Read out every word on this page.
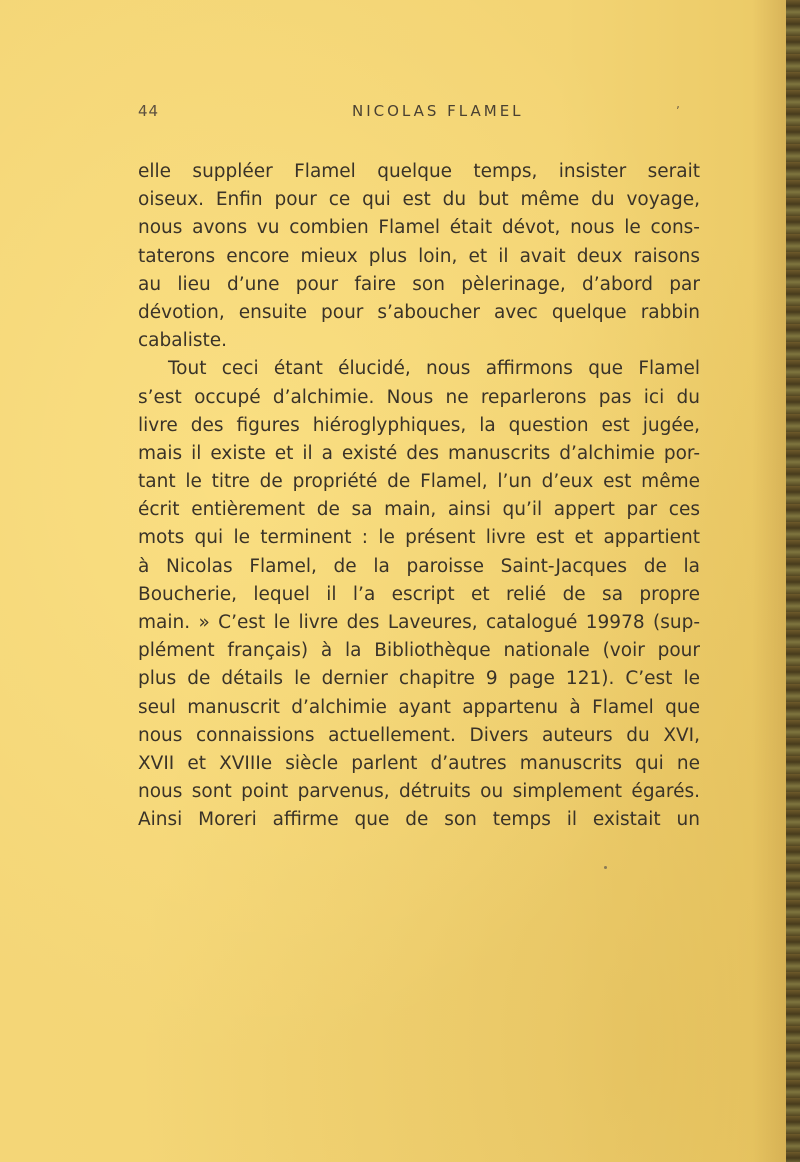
44	NICOLAS FLAMEL	ʼ
elle suppléer Flamel quelque temps, insister serait
oiseux. Enfin pour ce qui est du but même du voyage,
nous avons vu combien Flamel était dévot, nous le cons-
taterons encore mieux plus loin, et il avait deux raisons
au lieu d’une pour faire son pèlerinage, d’abord par
dévotion, ensuite pour s’aboucher avec quelque rabbin
cabaliste.
Tout ceci étant élucidé, nous affirmons que Flamel
s’est occupé d’alchimie. Nous ne reparlerons pas ici du
livre des figures hiéroglyphiques, la question est jugée,
mais il existe et il a existé des manuscrits d’alchimie por-
tant le titre de propriété de Flamel, l’un d’eux est même
écrit entièrement de sa main, ainsi qu’il appert par ces
mots qui le terminent : le présent livre est et appartient
à Nicolas Flamel, de la paroisse Saint-Jacques de la
Boucherie, lequel il l’a escript et relié de sa propre
main. » C’est le livre des Laveures, catalogué 19978 (sup-
plément français) à la Bibliothèque nationale (voir pour
plus de détails le dernier chapitre 9 page 121). C’est le
seul manuscrit d’alchimie ayant appartenu à Flamel que
nous connaissions actuellement. Divers auteurs du XVI,
XVII et XVIIIe siècle parlent d’autres manuscrits qui ne
nous sont point parvenus, détruits ou simplement égarés.
Ainsi Moreri affirme que de son temps il existait un
